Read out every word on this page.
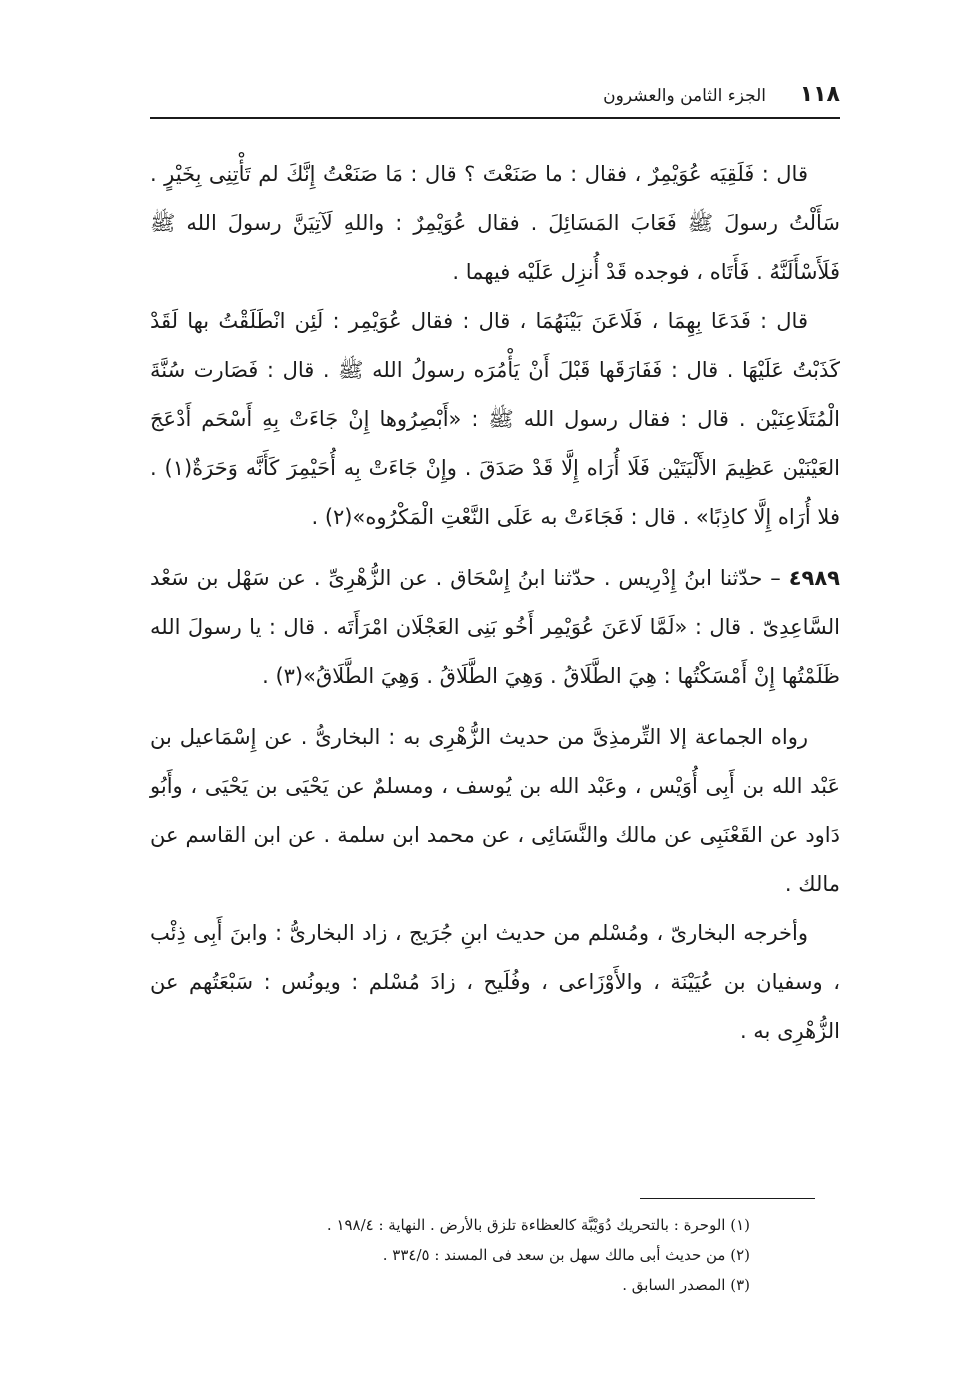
١١٨
الجزء الثامن والعشرون

قال : فَلَقِيَه عُوَيْمِرٌ ، فقال : ما صَنَعْتَ ؟ قال : مَا صَنَعْتُ إِنَّكَ لم تَأْتِنِى بِخَيْرٍ . سَأَلْتُ رسولَ ﷺ فَعَابَ المَسَائِلَ . فقال عُوَيْمِرٌ : واللهِ لَآتِيَنَّ رسولَ الله ﷺ فَلَأَسْأَلَنَّهُ . فَأَتَاه ، فوجده قَدْ أُنزِل عَلَيْه فيهما .

قال : فَدَعَا بِهِمَا ، فَلَاعَنَ بَيْنَهُمَا ، قال : فقال عُوَيْمِر : لَئِن انْطَلَقْتُ بها لَقَدْ كَذَبْتُ عَلَيْهَا . قال : فَفَارَقَها قَبْلَ أَنْ يَأْمُرَه رسولُ الله ﷺ . قال : فَصَارت سُنَّةَ الْمُتَلَاعِنَيْن . قال : فقال رسول الله ﷺ : «أَبْصِرُوها إِنْ جَاءَتْ بِهِ أَسْحَم أَدْعَجَ العَيْنَيْن عَظِيمَ الأَلْيَتَيْن فَلَا أُرَاه إِلَّا قَدْ صَدَقَ . وإِنْ جَاءَتْ بِه أُحَيْمِرَ كَأَنَّه وَحَرَةٌ(١) . فلا أُرَاه إِلَّا كاذِبًا» . قال : فَجَاءَتْ به عَلَى النَّعْتِ الْمَكْرُوه»(٢) .

٤٩٨٩ – حدّثنا ابنُ إِدْرِيس . حدّثنا ابنُ إِسْحَاق . عن الزُّهْرِىِّ . عن سَهْل بن سَعْد السَّاعِدِىّ . قال : «لَمَّا لَاعَنَ عُوَيْمِر أَخُو بَنِى العَجْلَان امْرَأَتَه . قال : يا رسولَ الله ظَلَمْتُها إِنْ أَمْسَكْتُها : هِيَ الطَّلَاقُ . وَهِيَ الطَّلَاقُ . وَهِيَ الطَّلَاقُ»(٣) .

رواه الجماعة إلا التِّرمذِىَّ من حديث الزُّهْرِى به : البخارىُّ . عن إِسْمَاعيل بن عَبْد الله بن أَبِى أُوَيْس ، وعَبْد الله بن يُوسف ، ومسلمٌ عن يَحْيَى بن يَحْيَى ، وأَبُو دَاود عن القَعْنَبِى عن مالك والنَّسَائِى ، عن محمد ابن سلمة . عن ابن القاسم عن مالك .

وأخرجه البخارىّ ، ومُسْلم من حديث ابنِ جُرَيج ، زاد البخارىُّ : وابنَ أَبِى ذِئْب ، وسفيان بن عُيَيْنَة ، والأَوْزَاعى ، وفُلَيح ، زادَ مُسْلم : ويونُس : سَبْعَتُهم عن الزُّهْرِى به .

(١) الوحرة : بالتحريك دُوَيْبَّة كالعظاءة تلزق بالأرض . النهاية : ١٩٨/٤ .

(٢) من حديث أبى مالك سهل بن سعد فى المسند : ٣٣٤/٥ .

(٣) المصدر السابق .
